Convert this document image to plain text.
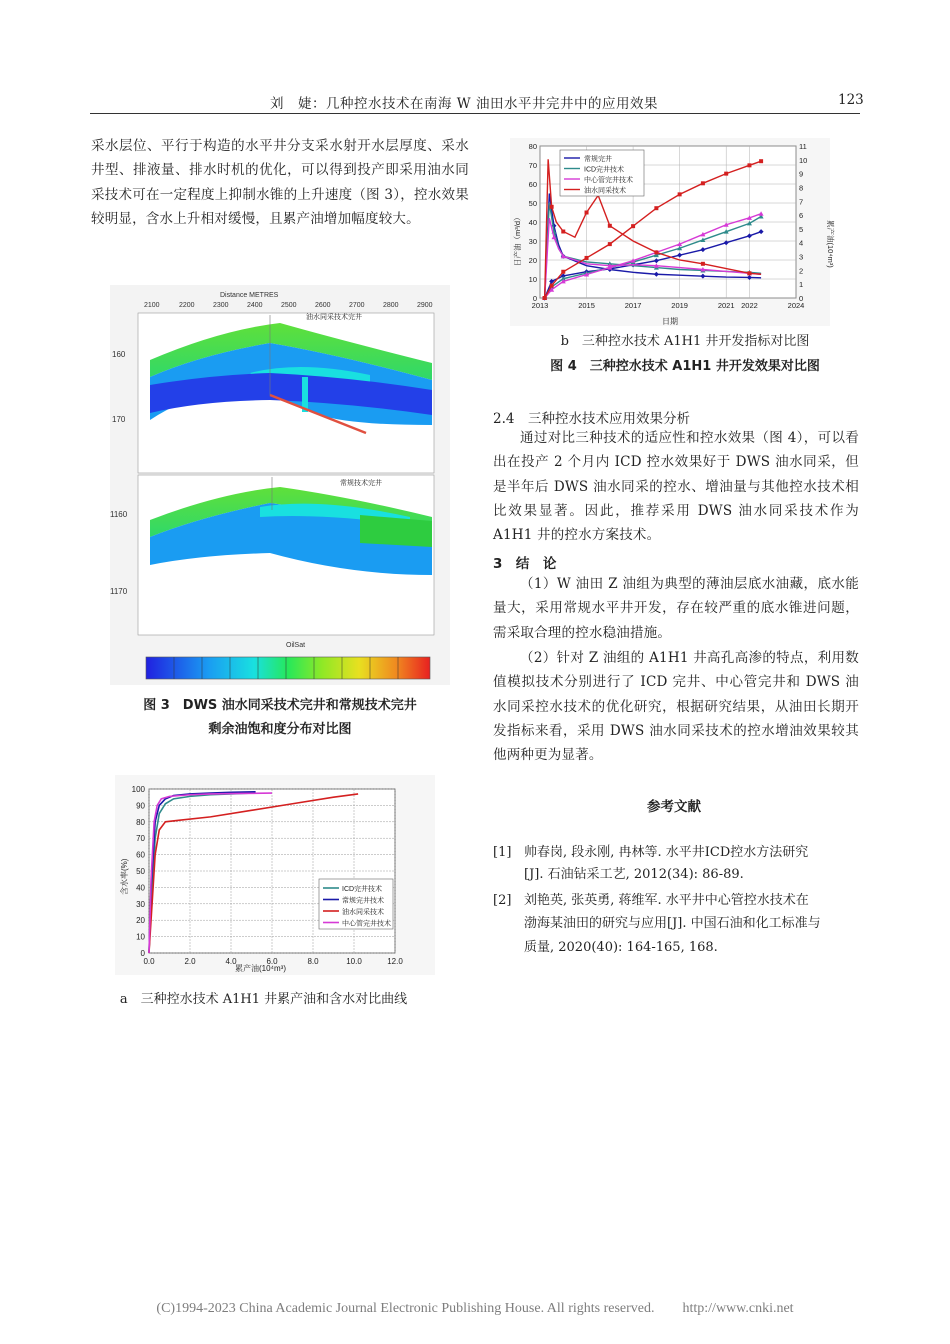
刘　婕：几种控水技术在南海 W 油田水平井完井中的应用效果	123
采水层位、平行于构造的水平井分支采水射开水层厚度、采水井型、排液量、排水时机的优化，可以得到投产即采用油水同采技术可在一定程度上抑制水锥的上升速度（图 3），控水效果较明显，含水上升相对缓慢，且累产油增加幅度较大。
Distance METRES
2100	2200	2300	2400	2500	2600	2700	2800	2900
油水同采技术完井
160
170
常规技术完井
1160
1170
OilSat
图 3　DWS 油水同采技术完井和常规技术完井
剩余油饱和度分布对比图
0
10
20
30
40
50
60
70
80
90
100
0.0	2.0	4.0	6.0	8.0	10.0	12.0
累产油(10⁴m³)
含水率(%)	ICD完井技术
常规完井技术
油水同采技术
中心管完井技术
a　三种控水技术 A1H1 井累产油和含水对比曲线
0
10
20
30
40
50
60
70
80
0
1
2
3
4
5
6
7
8
9
10
11
2013	2015	2017	2019	2021 2022	2024
日期
日产油（m³/d）	累产油(10⁴m³)
常规完井
ICD完井技术
中心管完井技术
油水同采技术
b　三种控水技术 A1H1 井开发指标对比图
图 4　三种控水技术 A1H1 井开发效果对比图
2.4　三种控水技术应用效果分析
通过对比三种技术的适应性和控水效果（图 4），可以看出在投产 2 个月内 ICD 控水效果好于 DWS 油水同采，但是半年后 DWS 油水同采的控水、增油量与其他控水技术相比效果显著。因此，推荐采用 DWS 油水同采技术作为 A1H1 井的控水方案技术。
3　结　论
（1）W 油田 Z 油组为典型的薄油层底水油藏，底水能量大，采用常规水平井开发，存在较严重的底水锥进问题，需采取合理的控水稳油措施。
（2）针对 Z 油组的 A1H1 井高孔高渗的特点，利用数值模拟技术分别进行了 ICD 完井、中心管完井和 DWS 油水同采控水技术的优化研究，根据研究结果，从油田长期开发指标来看，采用 DWS 油水同采技术的控水增油效果较其他两种更为显著。
参考文献
[1] 帅春岗, 段永刚, 冉林等. 水平井ICD控水方法研究
[J]. 石油钻采工艺, 2012(34): 86-89.
[2] 刘艳英, 张英勇, 蒋维军. 水平井中心管控水技术在
渤海某油田的研究与应用[J]. 中国石油和化工标准与
质量, 2020(40): 164-165, 168.
(C)1994-2023 China Academic Journal Electronic Publishing House. All rights reserved.　　http://www.cnki.net
